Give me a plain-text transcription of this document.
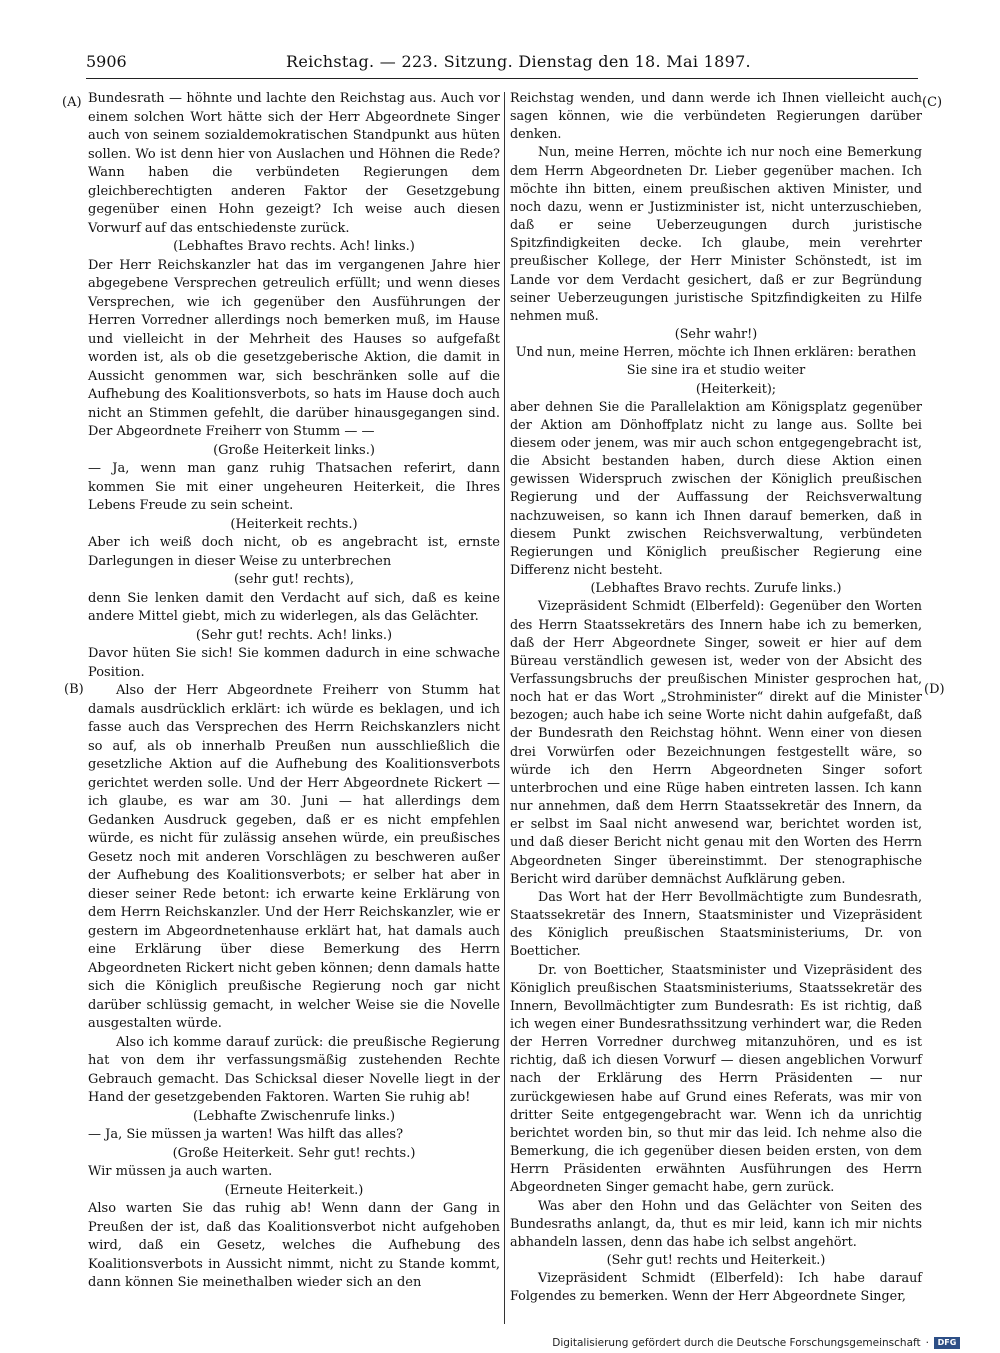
5906	Reichstag. — 223. Sitzung. Dienstag den 18. Mai 1897.
(A)
(B)
(C)
(D)

Bundesrath — höhnte und lachte den Reichstag aus. Auch vor einem solchen Wort hätte sich der Herr Abgeordnete Singer auch von seinem sozialdemokratischen Standpunkt aus hüten sollen. Wo ist denn hier von Auslachen und Höhnen die Rede? Wann haben die verbündeten Regierungen dem gleichberechtigten anderen Faktor der Gesetzgebung gegenüber einen Hohn gezeigt? Ich weise auch diesen Vorwurf auf das entschiedenste zurück.

(Lebhaftes Bravo rechts. Ach! links.)

Der Herr Reichskanzler hat das im vergangenen Jahre hier abgegebene Versprechen getreulich erfüllt; und wenn dieses Versprechen, wie ich gegenüber den Ausführungen der Herren Vorredner allerdings noch bemerken muß, im Hause und vielleicht in der Mehrheit des Hauses so aufgefaßt worden ist, als ob die gesetzgeberische Aktion, die damit in Aussicht genommen war, sich beschränken solle auf die Aufhebung des Koalitionsverbots, so hats im Hause doch auch nicht an Stimmen gefehlt, die darüber hinausgegangen sind. Der Abgeordnete Freiherr von Stumm — —

(Große Heiterkeit links.)

— Ja, wenn man ganz ruhig Thatsachen referirt, dann kommen Sie mit einer ungeheuren Heiterkeit, die Ihres Lebens Freude zu sein scheint.

(Heiterkeit rechts.)

Aber ich weiß doch nicht, ob es angebracht ist, ernste Darlegungen in dieser Weise zu unterbrechen

(sehr gut! rechts),

denn Sie lenken damit den Verdacht auf sich, daß es keine andere Mittel giebt, mich zu widerlegen, als das Gelächter.

(Sehr gut! rechts. Ach! links.)

Davor hüten Sie sich! Sie kommen dadurch in eine schwache Position.

Also der Herr Abgeordnete Freiherr von Stumm hat damals ausdrücklich erklärt: ich würde es beklagen, und ich fasse auch das Versprechen des Herrn Reichskanzlers nicht so auf, als ob innerhalb Preußen nun ausschließlich die gesetzliche Aktion auf die Aufhebung des Koalitionsverbots gerichtet werden solle. Und der Herr Abgeordnete Rickert — ich glaube, es war am 30. Juni — hat allerdings dem Gedanken Ausdruck gegeben, daß er es nicht empfehlen würde, es nicht für zulässig ansehen würde, ein preußisches Gesetz noch mit anderen Vorschlägen zu beschweren außer der Aufhebung des Koalitionsverbots; er selber hat aber in dieser seiner Rede betont: ich erwarte keine Erklärung von dem Herrn Reichskanzler. Und der Herr Reichskanzler, wie er gestern im Abgeordnetenhause erklärt hat, hat damals auch eine Erklärung über diese Bemerkung des Herrn Abgeordneten Rickert nicht geben können; denn damals hatte sich die Königlich preußische Regierung noch gar nicht darüber schlüssig gemacht, in welcher Weise sie die Novelle ausgestalten würde.

Also ich komme darauf zurück: die preußische Regierung hat von dem ihr verfassungsmäßig zustehenden Rechte Gebrauch gemacht. Das Schicksal dieser Novelle liegt in der Hand der gesetzgebenden Faktoren. Warten Sie ruhig ab!

(Lebhafte Zwischenrufe links.)

— Ja, Sie müssen ja warten! Was hilft das alles?

(Große Heiterkeit. Sehr gut! rechts.)

Wir müssen ja auch warten.

(Erneute Heiterkeit.)

Also warten Sie das ruhig ab! Wenn dann der Gang in Preußen der ist, daß das Koalitionsverbot nicht aufgehoben wird, daß ein Gesetz, welches die Aufhebung des Koalitionsverbots in Aussicht nimmt, nicht zu Stande kommt, dann können Sie meinethalben wieder sich an den

Reichstag wenden, und dann werde ich Ihnen vielleicht auch sagen können, wie die verbündeten Regierungen darüber denken.

Nun, meine Herren, möchte ich nur noch eine Bemerkung dem Herrn Abgeordneten Dr. Lieber gegenüber machen. Ich möchte ihn bitten, einem preußischen aktiven Minister, und noch dazu, wenn er Justizminister ist, nicht unterzuschieben, daß er seine Ueberzeugungen durch juristische Spitzfindigkeiten decke. Ich glaube, mein verehrter preußischer Kollege, der Herr Minister Schönstedt, ist im Lande vor dem Verdacht gesichert, daß er zur Begründung seiner Ueberzeugungen juristische Spitzfindigkeiten zu Hilfe nehmen muß.

(Sehr wahr!)

Und nun, meine Herren, möchte ich Ihnen erklären: berathen Sie sine ira et studio weiter

(Heiterkeit);

aber dehnen Sie die Parallelaktion am Königsplatz gegenüber der Aktion am Dönhoffplatz nicht zu lange aus. Sollte bei diesem oder jenem, was mir auch schon entgegengebracht ist, die Absicht bestanden haben, durch diese Aktion einen gewissen Widerspruch zwischen der Königlich preußischen Regierung und der Auffassung der Reichsverwaltung nachzuweisen, so kann ich Ihnen darauf bemerken, daß in diesem Punkt zwischen Reichsverwaltung, verbündeten Regierungen und Königlich preußischer Regierung eine Differenz nicht besteht.

(Lebhaftes Bravo rechts. Zurufe links.)

Vizepräsident Schmidt (Elberfeld): Gegenüber den Worten des Herrn Staatssekretärs des Innern habe ich zu bemerken, daß der Herr Abgeordnete Singer, soweit er hier auf dem Büreau verständlich gewesen ist, weder von der Absicht des Verfassungsbruchs der preußischen Minister gesprochen hat, noch hat er das Wort „Strohminister“ direkt auf die Minister bezogen; auch habe ich seine Worte nicht dahin aufgefaßt, daß der Bundesrath den Reichstag höhnt. Wenn einer von diesen drei Vorwürfen oder Bezeichnungen festgestellt wäre, so würde ich den Herrn Abgeordneten Singer sofort unterbrochen und eine Rüge haben eintreten lassen. Ich kann nur annehmen, daß dem Herrn Staatssekretär des Innern, da er selbst im Saal nicht anwesend war, berichtet worden ist, und daß dieser Bericht nicht genau mit den Worten des Herrn Abgeordneten Singer übereinstimmt. Der stenographische Bericht wird darüber demnächst Aufklärung geben.

Das Wort hat der Herr Bevollmächtigte zum Bundesrath, Staatssekretär des Innern, Staatsminister und Vizepräsident des Königlich preußischen Staatsministeriums, Dr. von Boetticher.

Dr. von Boetticher, Staatsminister und Vizepräsident des Königlich preußischen Staatsministeriums, Staatssekretär des Innern, Bevollmächtigter zum Bundesrath: Es ist richtig, daß ich wegen einer Bundesrathssitzung verhindert war, die Reden der Herren Vorredner durchweg mitanzuhören, und es ist richtig, daß ich diesen Vorwurf — diesen angeblichen Vorwurf nach der Erklärung des Herrn Präsidenten — nur zurückgewiesen habe auf Grund eines Referats, was mir von dritter Seite entgegengebracht war. Wenn ich da unrichtig berichtet worden bin, so thut mir das leid. Ich nehme also die Bemerkung, die ich gegenüber diesen beiden ersten, von dem Herrn Präsidenten erwähnten Ausführungen des Herrn Abgeordneten Singer gemacht habe, gern zurück.

Was aber den Hohn und das Gelächter von Seiten des Bundesraths anlangt, da, thut es mir leid, kann ich mir nichts abhandeln lassen, denn das habe ich selbst angehört.

(Sehr gut! rechts und Heiterkeit.)

Vizepräsident Schmidt (Elberfeld): Ich habe darauf Folgendes zu bemerken. Wenn der Herr Abgeordnete Singer,

Digitalisierung gefördert durch die Deutsche Forschungsgemeinschaft ·	DFG
